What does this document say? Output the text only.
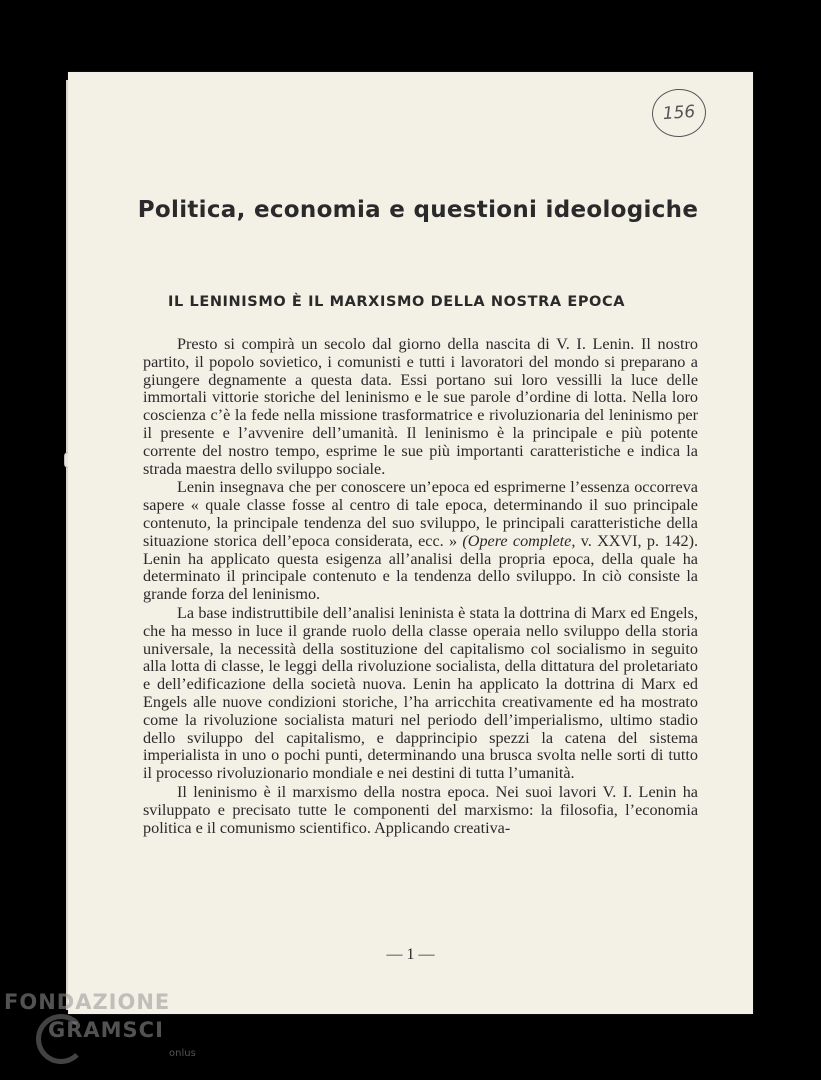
156
Politica, economia e questioni ideologiche
IL LENINISMO È IL MARXISMO DELLA NOSTRA EPOCA

Presto si compirà un secolo dal giorno della nascita di V. I. Lenin. Il nostro partito, il popolo sovietico, i comunisti e tutti i lavoratori del mondo si preparano a giungere degnamente a questa data. Essi portano sui loro vessilli la luce delle immortali vittorie storiche del leninismo e le sue parole d’ordine di lotta. Nella loro coscienza c’è la fede nella missione trasformatrice e rivoluzionaria del leninismo per il presente e l’avvenire dell’umanità. Il leninismo è la principale e più potente corrente del nostro tempo, esprime le sue più importanti caratteristiche e indica la strada maestra dello sviluppo sociale.

Lenin insegnava che per conoscere un’epoca ed esprimerne l’essenza occorreva sapere « quale classe fosse al centro di tale epoca, determinando il suo principale contenuto, la principale tendenza del suo sviluppo, le principali caratteristiche della situazione storica dell’epoca considerata, ecc. » (Opere complete, v. XXVI, p. 142). Lenin ha applicato questa esigenza all’analisi della propria epoca, della quale ha determinato il principale contenuto e la tendenza dello sviluppo. In ciò consiste la grande forza del leninismo.

La base indistruttibile dell’analisi leninista è stata la dottrina di Marx ed Engels, che ha messo in luce il grande ruolo della classe operaia nello sviluppo della storia universale, la necessità della sostituzione del capitalismo col socialismo in seguito alla lotta di classe, le leggi della rivoluzione socialista, della dittatura del proletariato e dell’edificazione della società nuova. Lenin ha applicato la dottrina di Marx ed Engels alle nuove condizioni storiche, l’ha arricchita creativamente ed ha mostrato come la rivoluzione socialista maturi nel periodo dell’imperialismo, ultimo stadio dello sviluppo del capitalismo, e dapprincipio spezzi la catena del sistema imperialista in uno o pochi punti, determinando una brusca svolta nelle sorti di tutto il processo rivoluzionario mondiale e nei destini di tutta l’umanità.

Il leninismo è il marxismo della nostra epoca. Nei suoi lavori V. I. Lenin ha sviluppato e precisato tutte le componenti del marxismo: la filosofia, l’economia politica e il comunismo scientifico. Applicando creativa-

— 1 —
FONDAZIONE
GRAMSCI
onlus
